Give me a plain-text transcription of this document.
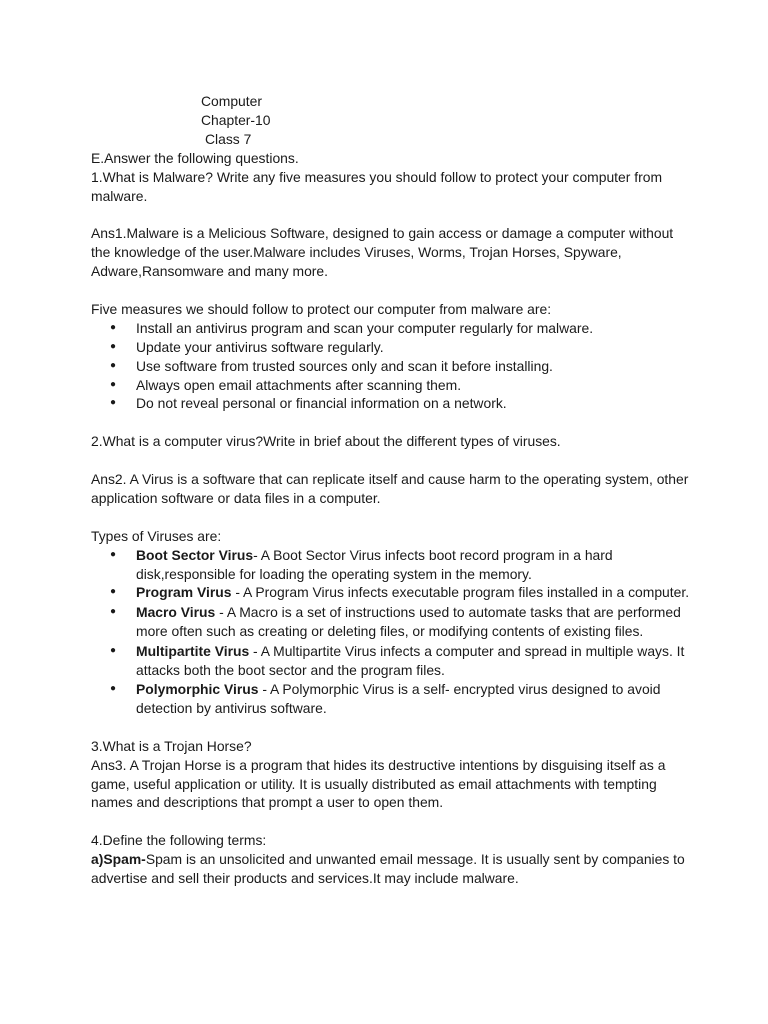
Computer

Chapter-10

Class 7

E.Answer the following questions.

1.What is Malware? Write any five measures you should follow to protect your computer from malware.

Ans1.Malware is a Melicious Software, designed to gain access or damage a computer without the knowledge of the user.Malware includes Viruses, Worms, Trojan Horses, Spyware, Adware,Ransomware and many more.

Five measures we should follow to protect our computer from malware are:

● Install an antivirus program and scan your computer regularly for malware.
● Update your antivirus software regularly.
● Use software from trusted sources only and scan it before installing.
● Always open email attachments after scanning them.
● Do not reveal personal or financial information on a network.

2.What is a computer virus?Write in brief about the different types of viruses.

Ans2. A Virus is a software that can replicate itself and cause harm to the operating system, other application software or data files in a computer.

Types of Viruses are:

● Boot Sector Virus- A Boot Sector Virus infects boot record program in a hard disk,responsible for loading the operating system in the memory.
● Program Virus - A Program Virus infects executable program files installed in a computer.
● Macro Virus - A Macro is a set of instructions used to automate tasks that are performed more often such as creating or deleting files, or modifying contents of existing files.
● Multipartite Virus - A Multipartite Virus infects a computer and spread in multiple ways. It attacks both the boot sector and the program files.
● Polymorphic Virus - A Polymorphic Virus is a self- encrypted virus designed to avoid detection by antivirus software.

3.What is a Trojan Horse?

Ans3. A Trojan Horse is a program that hides its destructive intentions by disguising itself as a game, useful application or utility. It is usually distributed as email attachments with tempting names and descriptions that prompt a user to open them.

4.Define the following terms:

a)Spam-Spam is an unsolicited and unwanted email message. It is usually sent by companies to advertise and sell their products and services.It may include malware.
